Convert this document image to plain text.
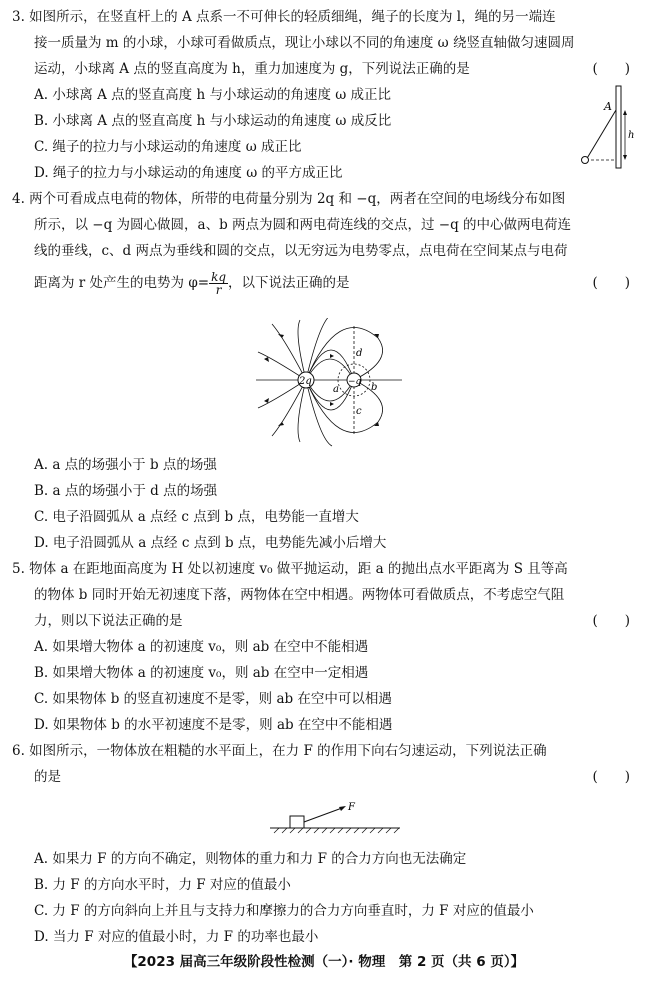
3. 如图所示，在竖直杆上的 A 点系一不可伸长的轻质细绳，绳子的长度为 l，绳的另一端连

接一质量为 m 的小球，小球可看做质点，现让小球以不同的角速度 ω 绕竖直轴做匀速圆周

运动，小球离 A 点的竖直高度为 h，重力加速度为 g，下列说法正确的是	(　　)

A. 小球离 A 点的竖直高度 h 与小球运动的角速度 ω 成正比

B. 小球离 A 点的竖直高度 h 与小球运动的角速度 ω 成反比

C. 绳子的拉力与小球运动的角速度 ω 成正比

D. 绳子的拉力与小球运动的角速度 ω 的平方成正比

A
h

4. 两个可看成点电荷的物体，所带的电荷量分别为 2q 和 −q，两者在空间的电场线分布如图

所示，以 −q 为圆心做圆，a、b 两点为圆和两电荷连线的交点，过 −q 的中心做两电荷连

线的垂线，c、d 两点为垂线和圆的交点，以无穷远为电势零点，点电荷在空间某点与电荷

距离为 r 处产生的电势为 $\varphi= \frac{kq}{r}$ ，以下说法正确的是	(　　)

2q	−q
a	b
c
d

A. a 点的场强小于 b 点的场强

B. a 点的场强小于 d 点的场强

C. 电子沿圆弧从 a 点经 c 点到 b 点，电势能一直增大

D. 电子沿圆弧从 a 点经 c 点到 b 点，电势能先减小后增大

5. 物体 a 在距地面高度为 H 处以初速度 v₀ 做平抛运动，距 a 的抛出点水平距离为 S 且等高

的物体 b 同时开始无初速度下落，两物体在空中相遇。两物体可看做质点，不考虑空气阻

力，则以下说法正确的是	(　　)

A. 如果增大物体 a 的初速度 v₀，则 ab 在空中不能相遇

B. 如果增大物体 a 的初速度 v₀，则 ab 在空中一定相遇

C. 如果物体 b 的竖直初速度不是零，则 ab 在空中可以相遇

D. 如果物体 b 的水平初速度不是零，则 ab 在空中不能相遇

6. 如图所示，一物体放在粗糙的水平面上，在力 F 的作用下向右匀速运动，下列说法正确

的是	(　　)

F

A. 如果力 F 的方向不确定，则物体的重力和力 F 的合力方向也无法确定

B. 力 F 的方向水平时，力 F 对应的值最小

C. 力 F 的方向斜向上并且与支持力和摩擦力的合力方向垂直时，力 F 对应的值最小

D. 当力 F 对应的值最小时，力 F 的功率也最小

【2023 届高三年级阶段性检测（一）· 物理　第 2 页（共 6 页）】
